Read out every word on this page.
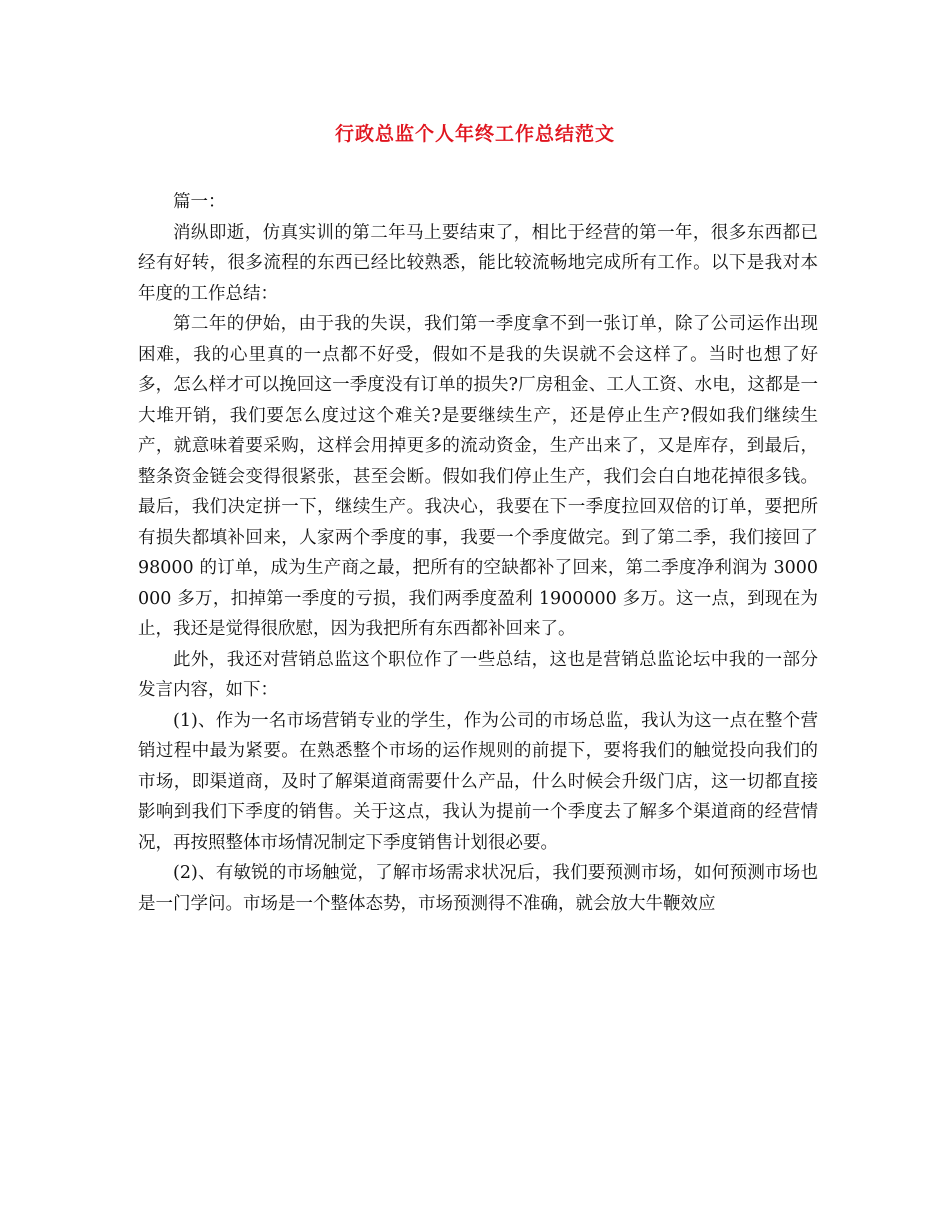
行政总监个人年终工作总结范文

篇一：

消纵即逝，仿真实训的第二年马上要结束了，相比于经营的第一年，很多东西都已经有好转，很多流程的东西已经比较熟悉，能比较流畅地完成所有工作。以下是我对本年度的工作总结：

第二年的伊始，由于我的失误，我们第一季度拿不到一张订单，除了公司运作出现困难，我的心里真的一点都不好受，假如不是我的失误就不会这样了。当时也想了好多，怎么样才可以挽回这一季度没有订单的损失?厂房租金、工人工资、水电，这都是一大堆开销，我们要怎么度过这个难关?是要继续生产，还是停止生产?假如我们继续生产，就意味着要采购，这样会用掉更多的流动资金，生产出来了，又是库存，到最后，整条资金链会变得很紧张，甚至会断。假如我们停止生产，我们会白白地花掉很多钱。最后，我们决定拼一下，继续生产。我决心，我要在下一季度拉回双倍的订单，要把所有损失都填补回来，人家两个季度的事，我要一个季度做完。到了第二季，我们接回了 98000 的订单，成为生产商之最，把所有的空缺都补了回来，第二季度净利润为 3000000 多万，扣掉第一季度的亏损，我们两季度盈利 1900000 多万。这一点，到现在为止，我还是觉得很欣慰，因为我把所有东西都补回来了。

此外，我还对营销总监这个职位作了一些总结，这也是营销总监论坛中我的一部分发言内容，如下：

(1)、作为一名市场营销专业的学生，作为公司的市场总监，我认为这一点在整个营销过程中最为紧要。在熟悉整个市场的运作规则的前提下，要将我们的触觉投向我们的市场，即渠道商，及时了解渠道商需要什么产品，什么时候会升级门店，这一切都直接影响到我们下季度的销售。关于这点，我认为提前一个季度去了解多个渠道商的经营情况，再按照整体市场情况制定下季度销售计划很必要。

(2)、有敏锐的市场触觉，了解市场需求状况后，我们要预测市场，如何预测市场也是一门学问。市场是一个整体态势，市场预测得不准确，就会放大牛鞭效应
